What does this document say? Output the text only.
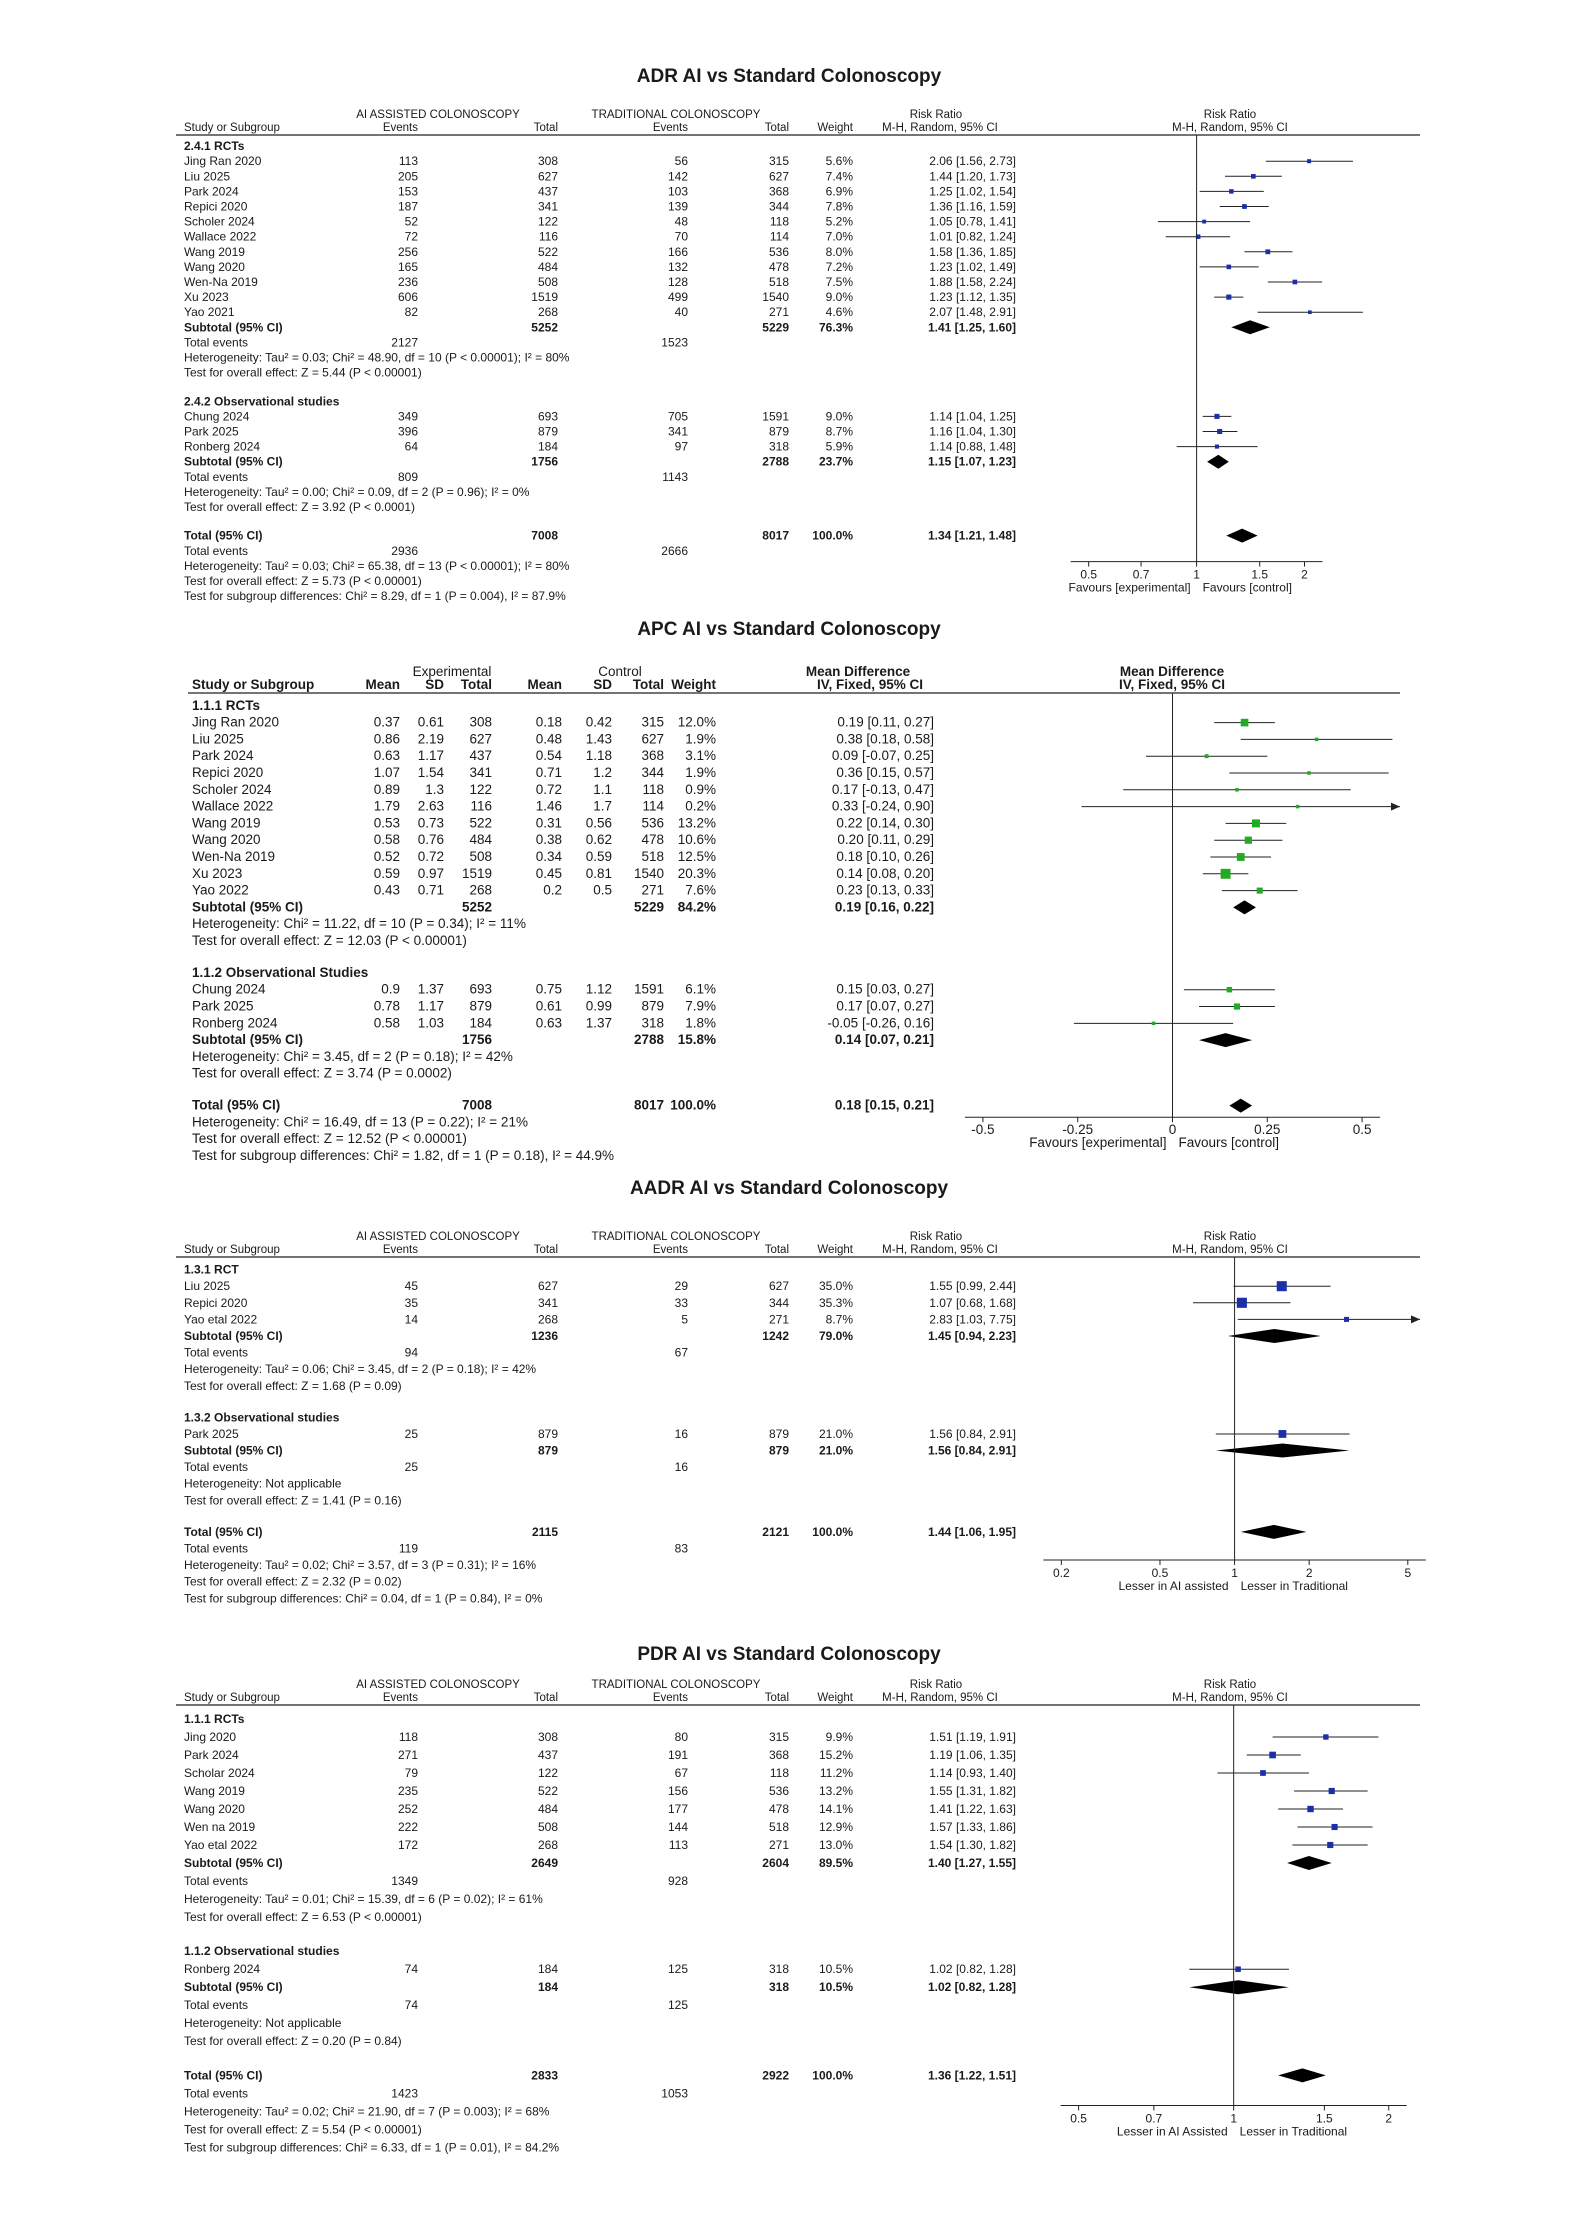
ADR AI vs Standard Colonoscopy
AI ASSISTED COLONOSCOPY	TRADITIONAL COLONOSCOPY	Risk Ratio	Risk Ratio
Study or Subgroup	Events	Total	Events	Total Weight	M-H, Random, 95% CI	M-H, Random, 95% CI
2.4.1 RCTs
Jing Ran 2020	113	308	56	315	5.6%	2.06 [1.56, 2.73]
Liu 2025	205	627	142	627	7.4%	1.44 [1.20, 1.73]
Park 2024	153	437	103	368	6.9%	1.25 [1.02, 1.54]
Repici 2020	187	341	139	344	7.8%	1.36 [1.16, 1.59]
Scholer 2024	52	122	48	118	5.2%	1.05 [0.78, 1.41]
Wallace 2022	72	116	70	114	7.0%	1.01 [0.82, 1.24]
Wang 2019	256	522	166	536	8.0%	1.58 [1.36, 1.85]
Wang 2020	165	484	132	478	7.2%	1.23 [1.02, 1.49]
Wen-Na 2019	236	508	128	518	7.5%	1.88 [1.58, 2.24]
Xu 2023	606	1519	499	1540	9.0%	1.23 [1.12, 1.35]
Yao 2021	82	268	40	271	4.6%	2.07 [1.48, 2.91]
Subtotal (95% CI)	5252	5229 76.3%	1.41 [1.25, 1.60]
Total events	2127	1523
Heterogeneity: Tau² = 0.03; Chi² = 48.90, df = 10 (P < 0.00001); I² = 80%
Test for overall effect: Z = 5.44 (P < 0.00001)
2.4.2 Observational studies
Chung 2024	349	693	705	1591	9.0%	1.14 [1.04, 1.25]
Park 2025	396	879	341	879	8.7%	1.16 [1.04, 1.30]
Ronberg 2024	64	184	97	318	5.9%	1.14 [0.88, 1.48]
Subtotal (95% CI)	1756	2788 23.7%	1.15 [1.07, 1.23]
Total events	809	1143
Heterogeneity: Tau² = 0.00; Chi² = 0.09, df = 2 (P = 0.96); I² = 0%
Test for overall effect: Z = 3.92 (P < 0.0001)
Total (95% CI)	7008	8017 100.0%	1.34 [1.21, 1.48]
Total events	2936	2666
Heterogeneity: Tau² = 0.03; Chi² = 65.38, df = 13 (P < 0.00001); I² = 80%
Test for overall effect: Z = 5.73 (P < 0.00001)
Test for subgroup differences: Chi² = 8.29, df = 1 (P = 0.004), I² = 87.9%
0.5	0.7	1	1.5	2
Favours [experimental] Favours [control]
APC AI vs Standard Colonoscopy
Experimental	Control	Mean Difference	Mean Difference
Study or Subgroup	Mean SD Total	Mean SD Total Weight	IV, Fixed, 95% CI	IV, Fixed, 95% CI
1.1.1 RCTs
Jing Ran 2020	0.37 0.61 308	0.18 0.42 315 12.0%	0.19 [0.11, 0.27]
Liu 2025	0.86 2.19 627	0.48 1.43 627 1.9%	0.38 [0.18, 0.58]
Park 2024	0.63 1.17 437	0.54 1.18 368 3.1%	0.09 [-0.07, 0.25]
Repici 2020	1.07 1.54 341	0.71 1.2 344 1.9%	0.36 [0.15, 0.57]
Scholer 2024	0.89 1.3 122	0.72 1.1 118 0.9%	0.17 [-0.13, 0.47]
Wallace 2022	1.79 2.63 116	1.46 1.7 114 0.2%	0.33 [-0.24, 0.90]
Wang 2019	0.53 0.73 522	0.31 0.56 536 13.2%	0.22 [0.14, 0.30]
Wang 2020	0.58 0.76 484	0.38 0.62 478 10.6%	0.20 [0.11, 0.29]
Wen-Na 2019	0.52 0.72 508	0.34 0.59 518 12.5%	0.18 [0.10, 0.26]
Xu 2023	0.59 0.97 1519	0.45 0.81 1540 20.3%	0.14 [0.08, 0.20]
Yao 2022	0.43 0.71 268	0.2 0.5 271 7.6%	0.23 [0.13, 0.33]
Subtotal (95% CI)	5252	5229 84.2%	0.19 [0.16, 0.22]
Heterogeneity: Chi² = 11.22, df = 10 (P = 0.34); I² = 11%
Test for overall effect: Z = 12.03 (P < 0.00001)
1.1.2 Observational Studies
Chung 2024	0.9 1.37 693	0.75 1.12 1591 6.1%	0.15 [0.03, 0.27]
Park 2025	0.78 1.17 879	0.61 0.99 879 7.9%	0.17 [0.07, 0.27]
Ronberg 2024	0.58 1.03 184	0.63 1.37 318 1.8%	-0.05 [-0.26, 0.16]
Subtotal (95% CI)	1756	2788 15.8%	0.14 [0.07, 0.21]
Heterogeneity: Chi² = 3.45, df = 2 (P = 0.18); I² = 42%
Test for overall effect: Z = 3.74 (P = 0.0002)
Total (95% CI)	7008	8017 100.0%	0.18 [0.15, 0.21]
Heterogeneity: Chi² = 16.49, df = 13 (P = 0.22); I² = 21%
Test for overall effect: Z = 12.52 (P < 0.00001)
Test for subgroup differences: Chi² = 1.82, df = 1 (P = 0.18), I² = 44.9%
-0.5	-0.25	0	0.25	0.5
Favours [experimental] Favours [control]
AADR AI vs Standard Colonoscopy
AI ASSISTED COLONOSCOPY	TRADITIONAL COLONOSCOPY	Risk Ratio	Risk Ratio
Study or Subgroup	Events	Total	Events	Total Weight	M-H, Random, 95% CI	M-H, Random, 95% CI
1.3.1 RCT
Liu 2025	45	627	29	627 35.0%	1.55 [0.99, 2.44]
Repici 2020	35	341	33	344 35.3%	1.07 [0.68, 1.68]
Yao etal 2022	14	268	5	271	8.7%	2.83 [1.03, 7.75]
Subtotal (95% CI)	1236	1242 79.0%	1.45 [0.94, 2.23]
Total events	94	67
Heterogeneity: Tau² = 0.06; Chi² = 3.45, df = 2 (P = 0.18); I² = 42%
Test for overall effect: Z = 1.68 (P = 0.09)
1.3.2 Observational studies
Park 2025	25	879	16	879 21.0%	1.56 [0.84, 2.91]
Subtotal (95% CI)	879	879 21.0%	1.56 [0.84, 2.91]
Total events	25	16
Heterogeneity: Not applicable
Test for overall effect: Z = 1.41 (P = 0.16)
Total (95% CI)	2115	2121 100.0%	1.44 [1.06, 1.95]
Total events	119	83
Heterogeneity: Tau² = 0.02; Chi² = 3.57, df = 3 (P = 0.31); I² = 16%
Test for overall effect: Z = 2.32 (P = 0.02)
Test for subgroup differences: Chi² = 0.04, df = 1 (P = 0.84), I² = 0%
0.2	0.5	1	2	5
Lesser in AI assisted Lesser in Traditional
PDR AI vs Standard Colonoscopy
AI ASSISTED COLONOSCOPY	TRADITIONAL COLONOSCOPY	Risk Ratio	Risk Ratio
Study or Subgroup	Events	Total	Events	Total Weight	M-H, Random, 95% CI	M-H, Random, 95% CI
1.1.1 RCTs
Jing 2020	118	308	80	315	9.9%	1.51 [1.19, 1.91]
Park 2024	271	437	191	368 15.2%	1.19 [1.06, 1.35]
Scholar 2024	79	122	67	118	11.2%	1.14 [0.93, 1.40]
Wang 2019	235	522	156	536 13.2%	1.55 [1.31, 1.82]
Wang 2020	252	484	177	478 14.1%	1.41 [1.22, 1.63]
Wen na 2019	222	508	144	518 12.9%	1.57 [1.33, 1.86]
Yao etal 2022	172	268	113	271 13.0%	1.54 [1.30, 1.82]
Subtotal (95% CI)	2649	2604 89.5%	1.40 [1.27, 1.55]
Total events	1349	928
Heterogeneity: Tau² = 0.01; Chi² = 15.39, df = 6 (P = 0.02); I² = 61%
Test for overall effect: Z = 6.53 (P < 0.00001)
1.1.2 Observational studies
Ronberg 2024	74	184	125	318 10.5%	1.02 [0.82, 1.28]
Subtotal (95% CI)	184	318 10.5%	1.02 [0.82, 1.28]
Total events	74	125
Heterogeneity: Not applicable
Test for overall effect: Z = 0.20 (P = 0.84)
Total (95% CI)	2833	2922 100.0%	1.36 [1.22, 1.51]
Total events	1423	1053
Heterogeneity: Tau² = 0.02; Chi² = 21.90, df = 7 (P = 0.003); I² = 68%
Test for overall effect: Z = 5.54 (P < 0.00001)
Test for subgroup differences: Chi² = 6.33, df = 1 (P = 0.01), I² = 84.2%
0.5	0.7	1	1.5	2
Lesser in AI Assisted Lesser in Traditional
